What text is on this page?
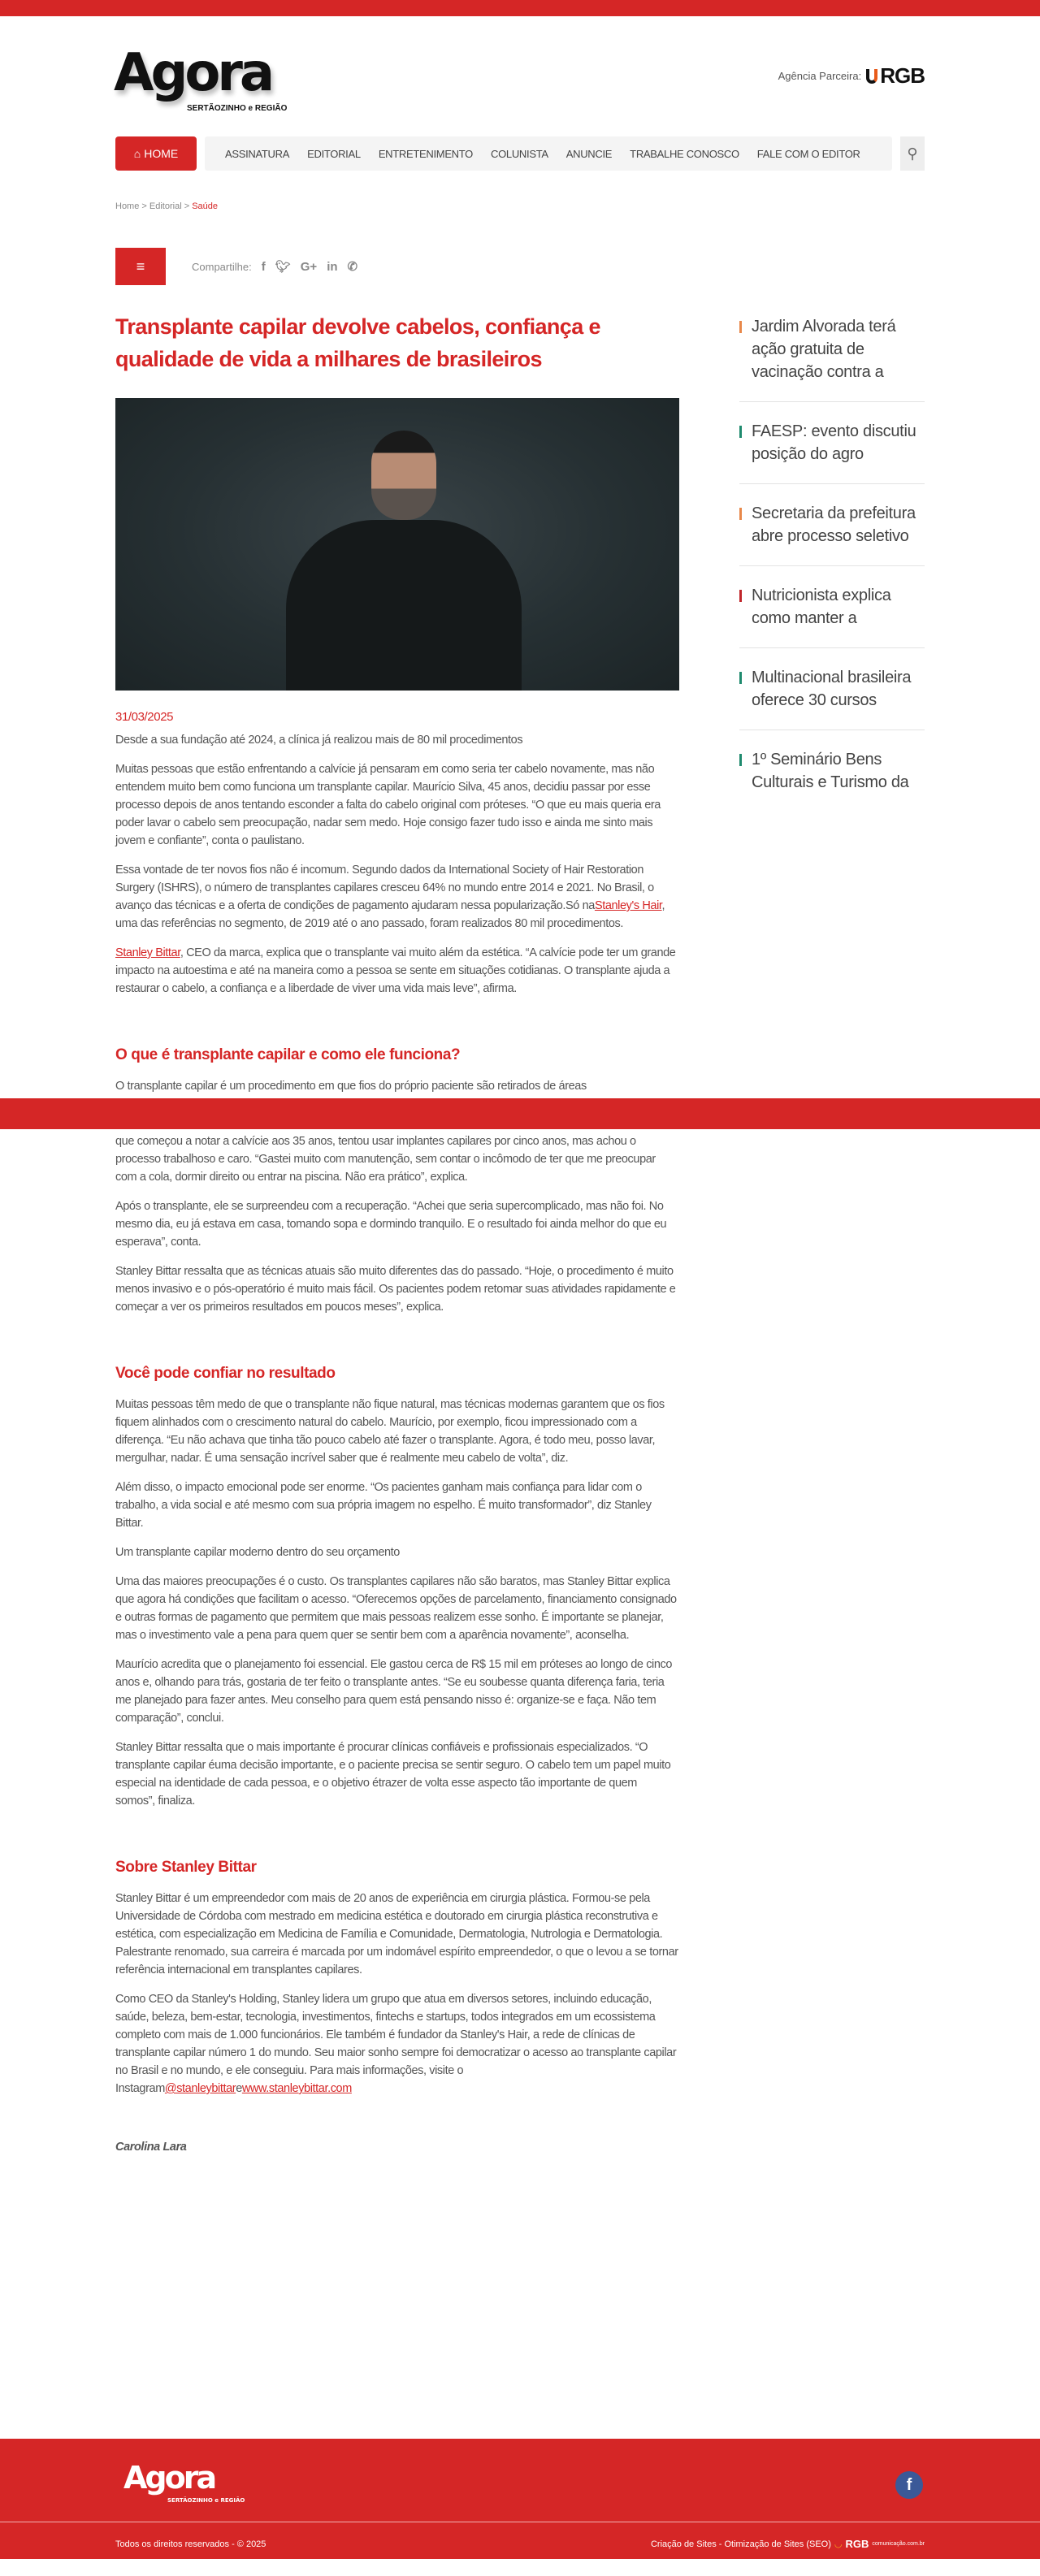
Agora
SERTÃOZINHO e REGIÃO
Agência Parceira: RGB
⌂ HOME	ASSINATURA	EDITORIAL	ENTRETENIMENTO	COLUNISTA	ANUNCIE	TRABALHE CONOSCO	FALE COM O EDITOR	⚲
Home > Editorial > Saúde
≡	Compartilhe: f 🐦︎ G+ in ✆
Transplante capilar devolve cabelos, confiança e qualidade de vida a milhares de brasileiros
31/03/2025

Desde a sua fundação até 2024, a clínica já realizou mais de 80 mil procedimentos

Muitas pessoas que estão enfrentando a calvície já pensaram em como seria ter cabelo novamente, mas não entendem muito bem como funciona um transplante capilar. Maurício Silva, 45 anos, decidiu passar por esse processo depois de anos tentando esconder a falta do cabelo original com próteses. “O que eu mais queria era poder lavar o cabelo sem preocupação, nadar sem medo. Hoje consigo fazer tudo isso e ainda me sinto mais jovem e confiante”, conta o paulistano.

Essa vontade de ter novos fios não é incomum. Segundo dados da International Society of Hair Restoration Surgery (ISHRS), o número de transplantes capilares cresceu 64% no mundo entre 2014 e 2021. No Brasil, o avanço das técnicas e a oferta de condições de pagamento ajudaram nessa popularização.Só naStanley's Hair, uma das referências no segmento, de 2019 até o ano passado, foram realizados 80 mil procedimentos.

Stanley Bittar, CEO da marca, explica que o transplante vai muito além da estética. “A calvície pode ter um grande impacto na autoestima e até na maneira como a pessoa se sente em situações cotidianas. O transplante ajuda a restaurar o cabelo, a confiança e a liberdade de viver uma vida mais leve”, afirma.

O que é transplante capilar e como ele funciona?

O transplante capilar é um procedimento em que fios do próprio paciente são retirados de áreas
que começou a notar a calvície aos 35 anos, tentou usar implantes capilares por cinco anos, mas achou o processo trabalhoso e caro. “Gastei muito com manutenção, sem contar o incômodo de ter que me preocupar com a cola, dormir direito ou entrar na piscina. Não era prático”, explica.

Após o transplante, ele se surpreendeu com a recuperação. “Achei que seria supercomplicado, mas não foi. No mesmo dia, eu já estava em casa, tomando sopa e dormindo tranquilo. E o resultado foi ainda melhor do que eu esperava”, conta.

Stanley Bittar ressalta que as técnicas atuais são muito diferentes das do passado. “Hoje, o procedimento é muito menos invasivo e o pós-operatório é muito mais fácil. Os pacientes podem retomar suas atividades rapidamente e começar a ver os primeiros resultados em poucos meses”, explica.

Você pode confiar no resultado

Muitas pessoas têm medo de que o transplante não fique natural, mas técnicas modernas garantem que os fios fiquem alinhados com o crescimento natural do cabelo. Maurício, por exemplo, ficou impressionado com a diferença. “Eu não achava que tinha tão pouco cabelo até fazer o transplante. Agora, é todo meu, posso lavar, mergulhar, nadar. É uma sensação incrível saber que é realmente meu cabelo de volta”, diz.

Além disso, o impacto emocional pode ser enorme. “Os pacientes ganham mais confiança para lidar com o trabalho, a vida social e até mesmo com sua própria imagem no espelho. É muito transformador”, diz Stanley Bittar.

Um transplante capilar moderno dentro do seu orçamento

Uma das maiores preocupações é o custo. Os transplantes capilares não são baratos, mas Stanley Bittar explica que agora há condições que facilitam o acesso. “Oferecemos opções de parcelamento, financiamento consignado e outras formas de pagamento que permitem que mais pessoas realizem esse sonho. É importante se planejar, mas o investimento vale a pena para quem quer se sentir bem com a aparência novamente”, aconselha.

Maurício acredita que o planejamento foi essencial. Ele gastou cerca de R$ 15 mil em próteses ao longo de cinco anos e, olhando para trás, gostaria de ter feito o transplante antes. “Se eu soubesse quanta diferença faria, teria me planejado para fazer antes. Meu conselho para quem está pensando nisso é: organize-se e faça. Não tem comparação”, conclui.

Stanley Bittar ressalta que o mais importante é procurar clínicas confiáveis e profissionais especializados. “O transplante capilar éuma decisão importante, e o paciente precisa se sentir seguro. O cabelo tem um papel muito especial na identidade de cada pessoa, e o objetivo étrazer de volta esse aspecto tão importante de quem somos”, finaliza.

Sobre Stanley Bittar

Stanley Bittar é um empreendedor com mais de 20 anos de experiência em cirurgia plástica. Formou-se pela Universidade de Córdoba com mestrado em medicina estética e doutorado em cirurgia plástica reconstrutiva e estética, com especialização em Medicina de Família e Comunidade, Dermatologia, Nutrologia e Dermatologia. Palestrante renomado, sua carreira é marcada por um indomável espírito empreendedor, o que o levou a se tornar referência internacional em transplantes capilares.

Como CEO da Stanley's Holding, Stanley lidera um grupo que atua em diversos setores, incluindo educação, saúde, beleza, bem-estar, tecnologia, investimentos, fintechs e startups, todos integrados em um ecossistema completo com mais de 1.000 funcionários. Ele também é fundador da Stanley's Hair, a rede de clínicas de transplante capilar número 1 do mundo. Seu maior sonho sempre foi democratizar o acesso ao transplante capilar no Brasil e no mundo, e ele conseguiu. Para mais informações, visite o Instagram@stanleybittarewww.stanleybittar.com

Carolina Lara
Jardim Alvorada terá ação gratuita de vacinação contra a
FAESP: evento discutiu posição do agro
Secretaria da prefeitura abre processo seletivo
Nutricionista explica como manter a
Multinacional brasileira oferece 30 cursos
1º Seminário Bens Culturais e Turismo da
Agora
SERTÃOZINHO e REGIÃO
f
Todos os direitos reservados - © 2025	Criação de Sites - Otimização de Sites (SEO) ◡ RGB comunicação.com.br
